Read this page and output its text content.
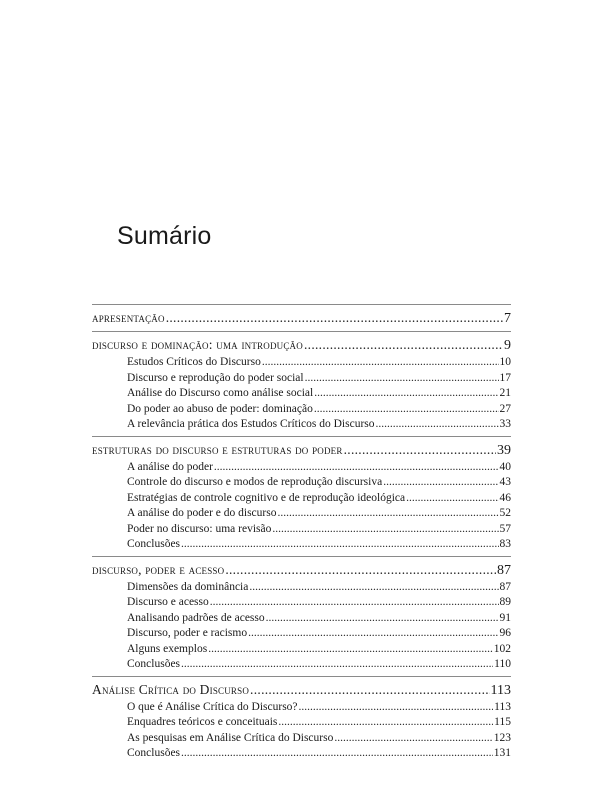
Sumário
apresentação .....	7
discurso e dominação: uma introdução .....	9
Estudos Críticos do Discurso .....	10
Discurso e reprodução do poder social .....	17
Análise do Discurso como análise social .....	21
Do poder ao abuso de poder: dominação .....	27
A relevância prática dos Estudos Críticos do Discurso .....	33
estruturas do discurso e estruturas do poder .....	39
A análise do poder .....	40
Controle do discurso e modos de reprodução discursiva .....	43
Estratégias de controle cognitivo e de reprodução ideológica .....	46
A análise do poder e do discurso .....	52
Poder no discurso: uma revisão .....	57
Conclusões .....	83
discurso, poder e acesso .....	87
Dimensões da dominância .....	87
Discurso e acesso .....	89
Analisando padrões de acesso .....	91
Discurso, poder e racismo .....	96
Alguns exemplos .....	102
Conclusões .....	110
Análise Crítica do Discurso .....	113
O que é Análise Crítica do Discurso? .....	113
Enquadres teóricos e conceituais .....	115
As pesquisas em Análise Crítica do Discurso .....	123
Conclusões .....	131
